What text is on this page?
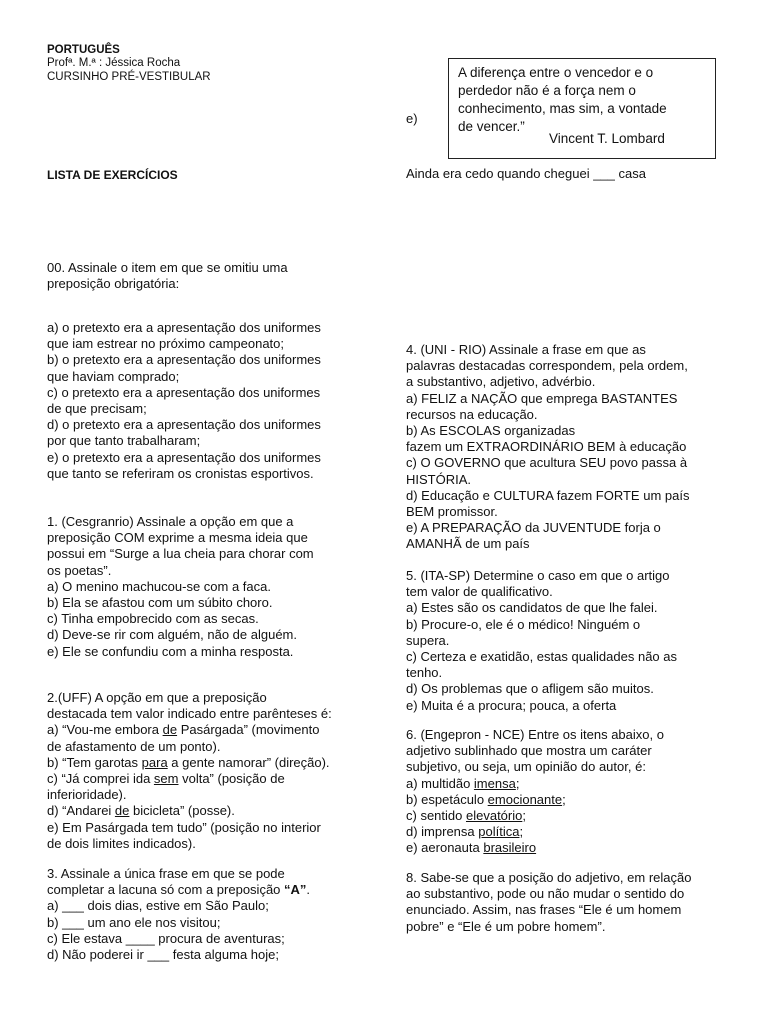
PORTUGUÊS
Profª. M.ª : Jéssica Rocha
CURSINHO PRÉ-VESTIBULAR
e)
A diferença entre o vencedor e o
perdedor não é a força nem o
conhecimento, mas sim, a vontade
de vencer.”
Vincent T. Lombard
LISTA DE EXERCÍCIOS	Ainda era cedo quando cheguei ___ casa
00. Assinale o item em que se omitiu uma
preposição obrigatória:
a) o pretexto era a apresentação dos uniformes
que iam estrear no próximo campeonato;
b) o pretexto era a apresentação dos uniformes
que haviam comprado;
c) o pretexto era a apresentação dos uniformes
de que precisam;
d) o pretexto era a apresentação dos uniformes
por que tanto trabalharam;
e) o pretexto era a apresentação dos uniformes
que tanto se referiram os cronistas esportivos.
1. (Cesgranrio) Assinale a opção em que a
preposição COM exprime a mesma ideia que
possui em “Surge a lua cheia para chorar com
os poetas”.
a) O menino machucou-se com a faca.
b) Ela se afastou com um súbito choro.
c) Tinha empobrecido com as secas.
d) Deve-se rir com alguém, não de alguém.
e) Ele se confundiu com a minha resposta.
2.(UFF) A opção em que a preposição
destacada tem valor indicado entre parênteses é:
a) “Vou-me embora de Pasárgada” (movimento
de afastamento de um ponto).
b) “Tem garotas para a gente namorar” (direção).
c) “Já comprei ida sem volta” (posição de
inferioridade).
d) “Andarei de bicicleta” (posse).
e) Em Pasárgada tem tudo” (posição no interior
de dois limites indicados).
3. Assinale a única frase em que se pode
completar a lacuna só com a preposição “A”.
a) ___ dois dias, estive em São Paulo;
b) ___ um ano ele nos visitou;
c) Ele estava ____ procura de aventuras;
d) Não poderei ir ___ festa alguma hoje;
4. (UNI - RIO) Assinale a frase em que as
palavras destacadas correspondem, pela ordem,
a substantivo, adjetivo, advérbio.
a) FELIZ a NAÇÃO que emprega BASTANTES
recursos na educação.
b) As ESCOLAS organizadas
fazem um EXTRAORDINÁRIO BEM à educação
c) O GOVERNO que acultura SEU povo passa à
HISTÓRIA.
d) Educação e CULTURA fazem FORTE um país
BEM promissor.
e) A PREPARAÇÃO da JUVENTUDE forja o
AMANHÃ de um país
5. (ITA-SP) Determine o caso em que o artigo
tem valor de qualificativo.
a) Estes são os candidatos de que lhe falei.
b) Procure-o, ele é o médico! Ninguém o
supera.
c) Certeza e exatidão, estas qualidades não as
tenho.
d) Os problemas que o afligem são muitos.
e) Muita é a procura; pouca, a oferta
6. (Engepron - NCE) Entre os itens abaixo, o
adjetivo sublinhado que mostra um caráter
subjetivo, ou seja, um opinião do autor, é:
a) multidão imensa;
b) espetáculo emocionante;
c) sentido elevatório;
d) imprensa política;
e) aeronauta brasileiro
8. Sabe-se que a posição do adjetivo, em relação
ao substantivo, pode ou não mudar o sentido do
enunciado. Assim, nas frases “Ele é um homem
pobre” e “Ele é um pobre homem”.
